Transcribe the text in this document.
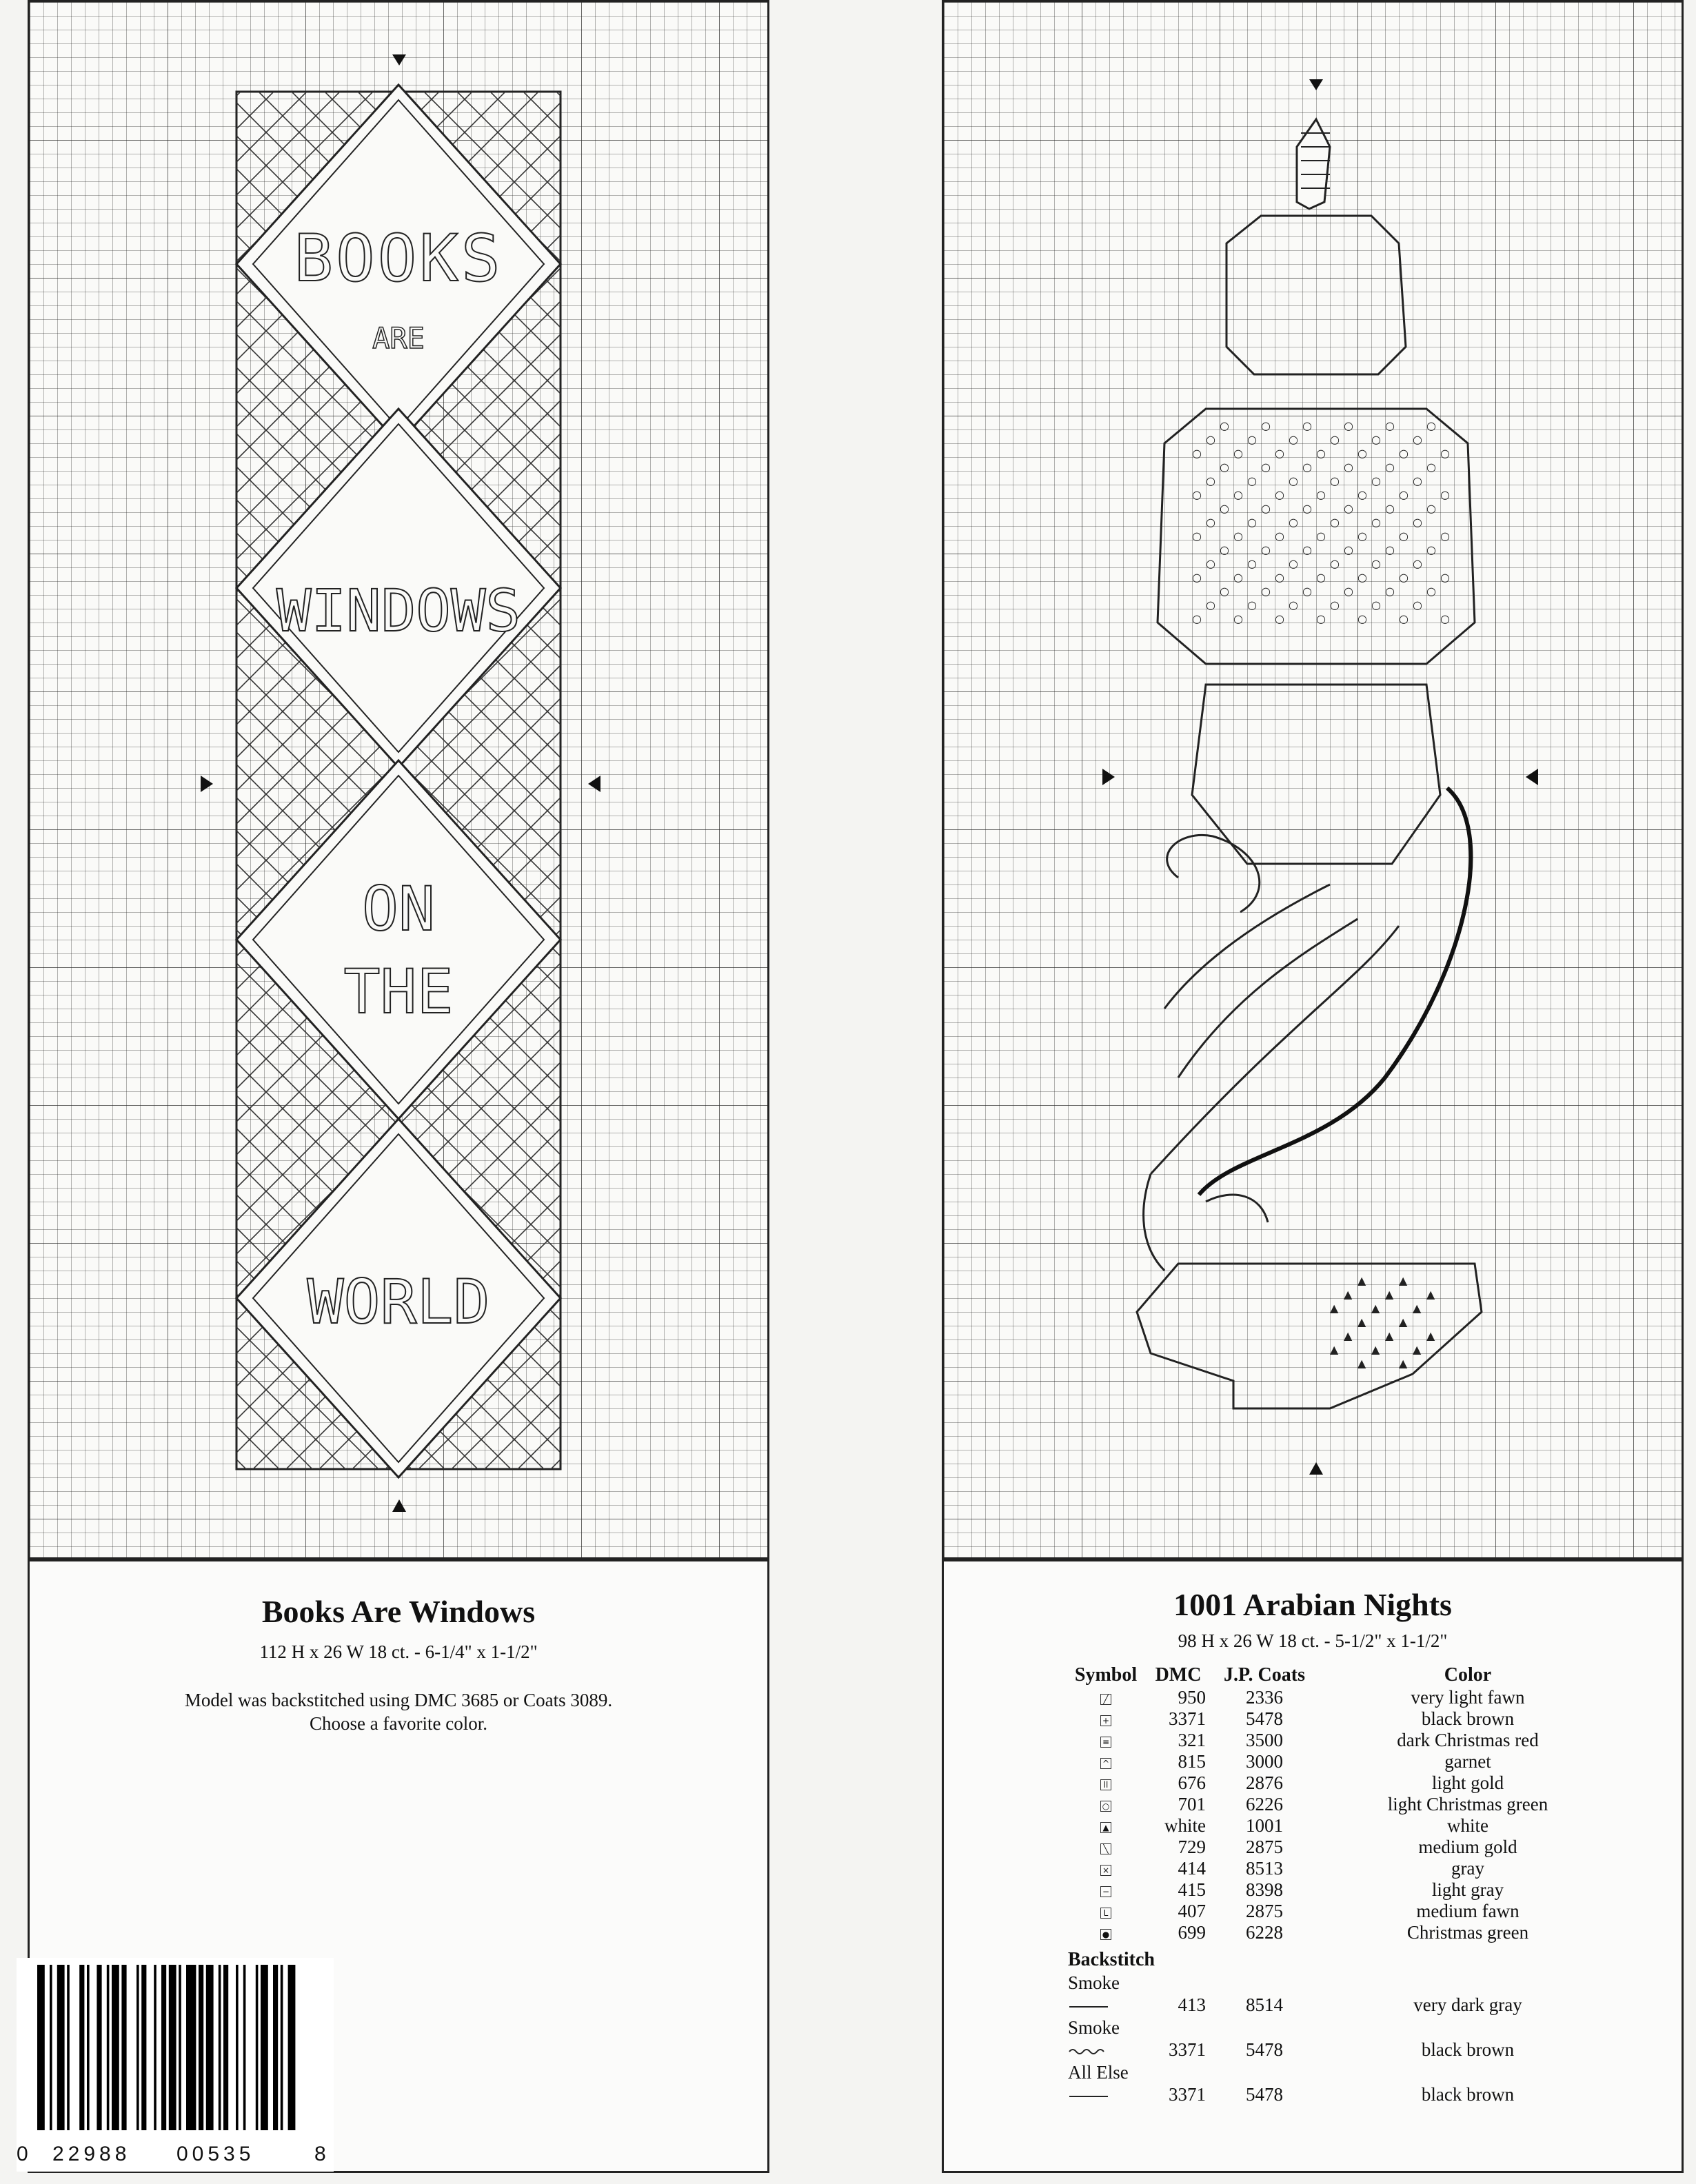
BOOKS
ARE
WINDOWS
ON
THE
WORLD
○	○	○	○	○	○
○	○	○	○	○	○
○	○	○	○	○	○	○
○	○	○	○	○	○
○	○	○	○	○	○
○	○	○	○	○	○	○
○	○	○	○	○	○
○	○	○	○	○	○
○	○	○	○	○	○	○
○	○	○	○	○	○
○	○	○	○	○	○
○	○	○	○	○	○	○
○	○	○	○	○	○
○	○	○	○	○	○
○	○	○	○	○	○	○
▲	▲
▲	▲	▲
▲	▲	▲
▲	▲
▲	▲	▲
▲	▲	▲
▲	▲
Books Are Windows
112 H x 26 W 18 ct. - 6-1/4" x 1-1/2"
Model was backstitched using DMC 3685 or Coats 3089.
Choose a favorite color.
1001 Arabian Nights
98 H x 26 W 18 ct. - 5-1/2" x 1-1/2"
Symbol	DMC	J.P. Coats	Color
╱	950	2336	very light fawn
+	3371	5478	black brown
≡	321	3500	dark Christmas red
^	815	3000	garnet
ll	676	2876	light gold
○	701	6226	light Christmas green
▲	white	1001	white
╲	729	2875	medium gold
×	414	8513	gray
−	415	8398	light gray
L	407	2875	medium fawn
●	699	6228	Christmas green
Backstitch
Smoke			
	413	8514	very dark gray
Smoke			
	3371	5478	black brown
All Else			
	3371	5478	black brown
0 22988 00535	8
